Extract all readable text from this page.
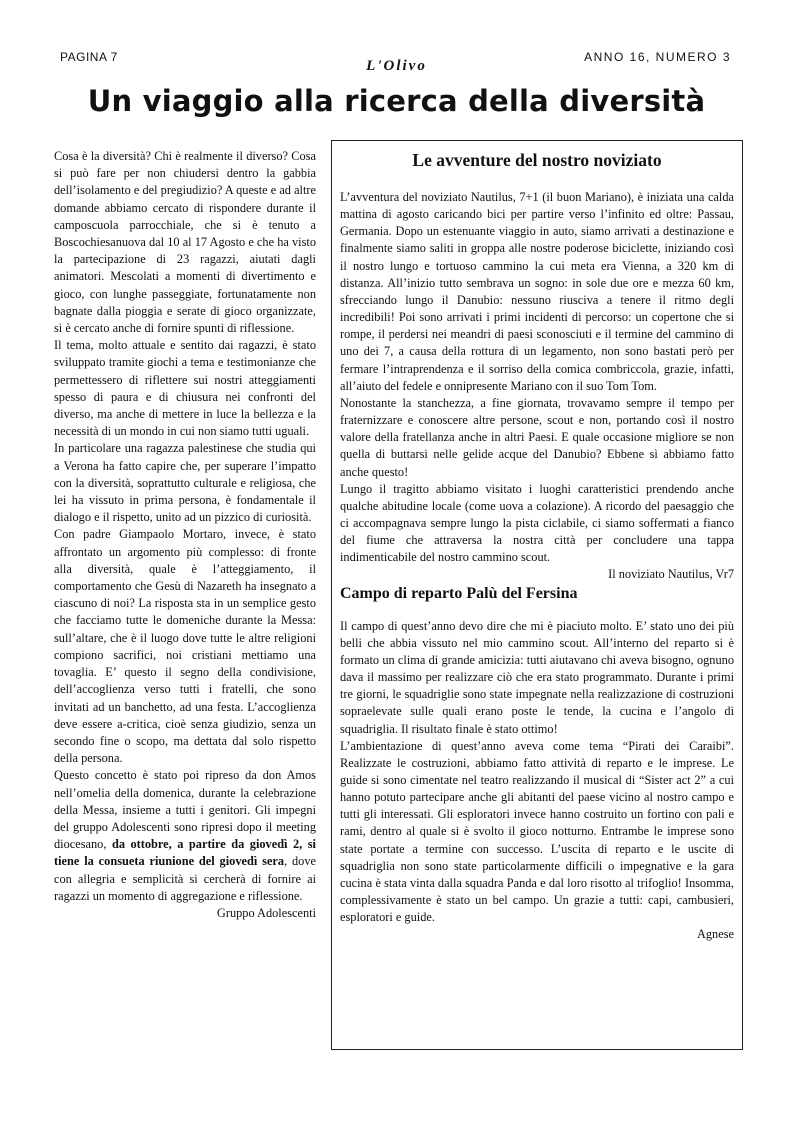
PAGINA 7
L'Olivo
ANNO 16, NUMERO 3
Un viaggio alla ricerca della diversità

Cosa è la diversità? Chi è realmente il diverso? Cosa si può fare per non chiudersi dentro la gabbia dell’isolamento e del pregiudizio? A queste e ad altre domande abbiamo cercato di rispondere durante il camposcuola parrocchiale, che si è tenuto a Boscochiesanuova dal 10 al 17 Agosto e che ha visto la partecipazione di 23 ragazzi, aiutati dagli animatori. Mescolati a momenti di divertimento e gioco, con lunghe passeggiate, fortunatamente non bagnate dalla pioggia e serate di gioco organizzate, si è cercato anche di fornire spunti di riflessione.

Il tema, molto attuale e sentito dai ragazzi, è stato sviluppato tramite giochi a tema e testimonianze che permettessero di riflettere sui nostri atteggiamenti spesso di paura e di chiusura nei confronti del diverso, ma anche di mettere in luce la bellezza e la necessità di un mondo in cui non siamo tutti uguali.

In particolare una ragazza palestinese che studia qui a Verona ha fatto capire che, per superare l’impatto con la diversità, soprattutto culturale e religiosa, che lei ha vissuto in prima persona, è fondamentale il dialogo e il rispetto, unito ad un pizzico di curiosità.

Con padre Giampaolo Mortaro, invece, è stato affrontato un argomento più complesso: di fronte alla diversità, quale è l’atteggiamento, il comportamento che Gesù di Nazareth ha insegnato a ciascuno di noi? La risposta sta in un semplice gesto che facciamo tutte le domeniche durante la Messa: sull’altare, che è il luogo dove tutte le altre religioni compiono sacrifici, noi cristiani mettiamo una tovaglia. E’ questo il segno della condivisione, dell’accoglienza verso tutti i fratelli, che sono invitati ad un banchetto, ad una festa. L’accoglienza deve essere a-critica, cioè senza giudizio, senza un secondo fine o scopo, ma dettata dal solo rispetto della persona.

Questo concetto è stato poi ripreso da don Amos nell’omelia della domenica, durante la celebrazione della Messa, insieme a tutti i genitori. Gli impegni del gruppo Adolescenti sono ripresi dopo il meeting diocesano, da ottobre, a partire da giovedì 2, si tiene la consueta riunione del giovedì sera, dove con allegria e semplicità si cercherà di fornire ai ragazzi un momento di aggregazione e riflessione.

Gruppo Adolescenti

Le avventure del nostro noviziato

L’avventura del noviziato Nautilus, 7+1 (il buon Mariano), è iniziata una calda mattina di agosto caricando bici per partire verso l’infinito ed oltre: Passau, Germania. Dopo un estenuante viaggio in auto, siamo arrivati a destinazione e finalmente siamo saliti in groppa alle nostre poderose biciclette, iniziando così il nostro lungo e tortuoso cammino la cui meta era Vienna, a 320 km di distanza. All’inizio tutto sembrava un sogno: in sole due ore e mezza 60 km, sfrecciando lungo il Danubio: nessuno riusciva a tenere il ritmo degli incredibili! Poi sono arrivati i primi incidenti di percorso: un copertone che si rompe, il perdersi nei meandri di paesi sconosciuti e il termine del cammino di uno dei 7, a causa della rottura di un legamento, non sono bastati però per fermare l’intraprendenza e il sorriso della comica combriccola, grazie, infatti, all’aiuto del fedele e onnipresente Mariano con il suo Tom Tom.

Nonostante la stanchezza, a fine giornata, trovavamo sempre il tempo per fraternizzare e conoscere altre persone, scout e non, portando così il nostro valore della fratellanza anche in altri Paesi. E quale occasione migliore se non quella di buttarsi nelle gelide acque del Danubio? Ebbene sì abbiamo fatto anche questo!

Lungo il tragitto abbiamo visitato i luoghi caratteristici prendendo anche qualche abitudine locale (come uova a colazione). A ricordo del paesaggio che ci accompagnava sempre lungo la pista ciclabile, ci siamo soffermati a fianco del fiume che attraversa la nostra città per concludere una tappa indimenticabile del nostro cammino scout.

Il noviziato Nautilus, Vr7
Campo di reparto Palù del Fersina

Il campo di quest’anno devo dire che mi è piaciuto molto. E’ stato uno dei più belli che abbia vissuto nel mio cammino scout. All’interno del reparto si è formato un clima di grande amicizia: tutti aiutavano chi aveva bisogno, ognuno dava il massimo per realizzare ciò che era stato programmato. Durante i primi tre giorni, le squadriglie sono state impegnate nella realizzazione di costruzioni sopraelevate sulle quali erano poste le tende, la cucina e l’angolo di squadriglia. Il risultato finale è stato ottimo!

L’ambientazione di quest’anno aveva come tema “Pirati dei Caraibi”. Realizzate le costruzioni, abbiamo fatto attività di reparto e le imprese. Le guide si sono cimentate nel teatro realizzando il musical di “Sister act 2” a cui hanno potuto partecipare anche gli abitanti del paese vicino al nostro campo e tutti gli interessati. Gli esploratori invece hanno costruito un fortino con pali e rami, dentro al quale si è svolto il gioco notturno. Entrambe le imprese sono state portate a termine con successo. L’uscita di reparto e le uscite di squadriglia non sono state particolarmente difficili o impegnative e la gara cucina è stata vinta dalla squadra Panda e dal loro risotto al trifoglio! Insomma, complessivamente è stato un bel campo. Un grazie a tutti: capi, cambusieri, esploratori e guide.

Agnese
